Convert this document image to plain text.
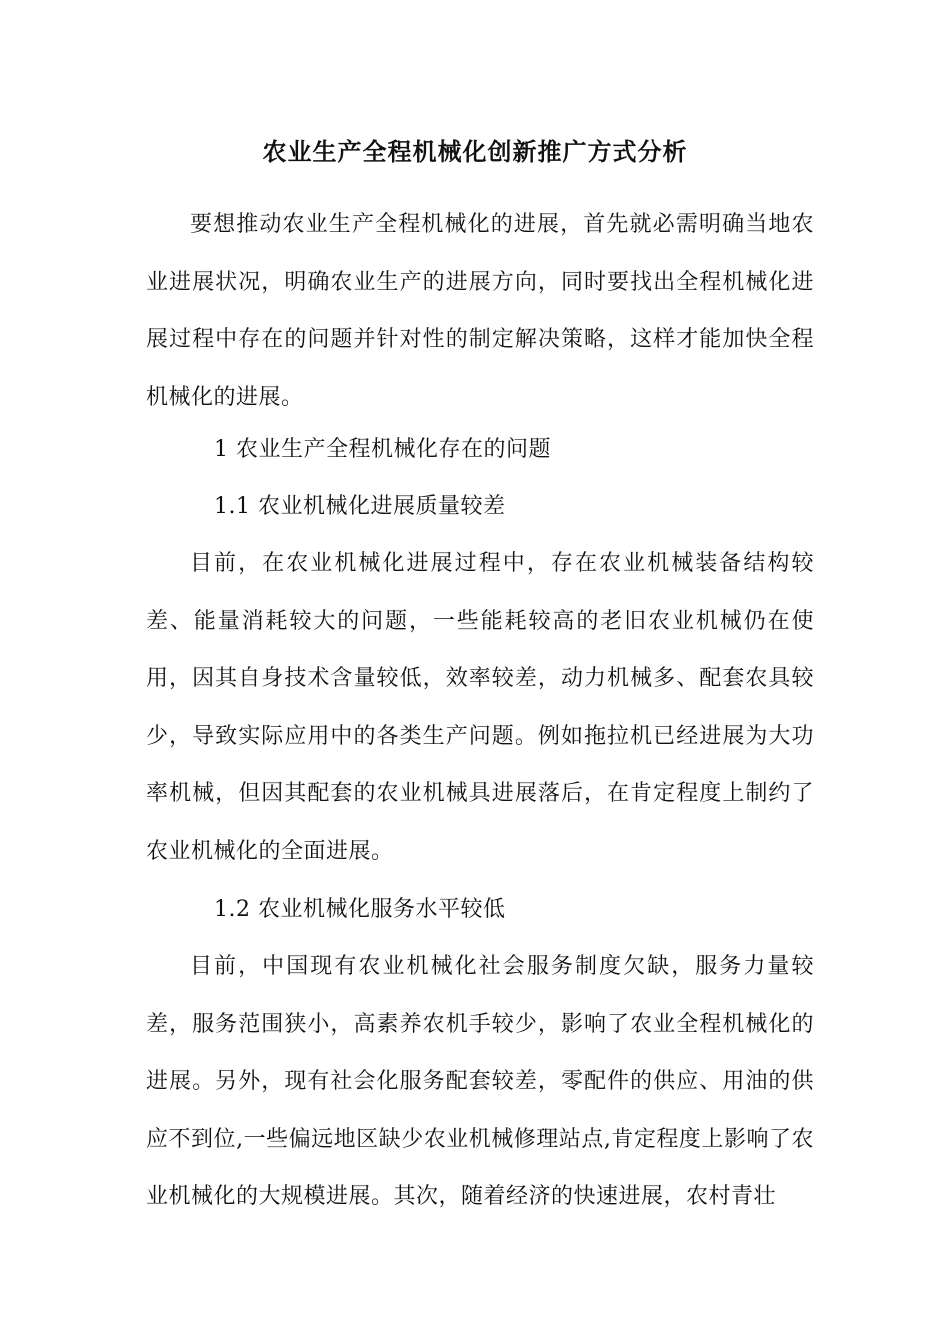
农业生产全程机械化创新推广方式分析

要想推动农业生产全程机械化的进展，首先就必需明确当地农业进展状况，明确农业生产的进展方向，同时要找出全程机械化进展过程中存在的问题并针对性的制定解决策略，这样才能加快全程机械化的进展。

1 农业生产全程机械化存在的问题

1.1 农业机械化进展质量较差

目前，在农业机械化进展过程中，存在农业机械装备结构较差、能量消耗较大的问题，一些能耗较高的老旧农业机械仍在使用，因其自身技术含量较低，效率较差，动力机械多、配套农具较少，导致实际应用中的各类生产问题。例如拖拉机已经进展为大功率机械，但因其配套的农业机械具进展落后，在肯定程度上制约了农业机械化的全面进展。

1.2 农业机械化服务水平较低

目前，中国现有农业机械化社会服务制度欠缺，服务力量较差，服务范围狭小，高素养农机手较少，影响了农业全程机械化的进展。另外，现有社会化服务配套较差，零配件的供应、用油的供应不到位,一些偏远地区缺少农业机械修理站点,肯定程度上影响了农业机械化的大规模进展。其次，随着经济的快速进展，农村青壮
